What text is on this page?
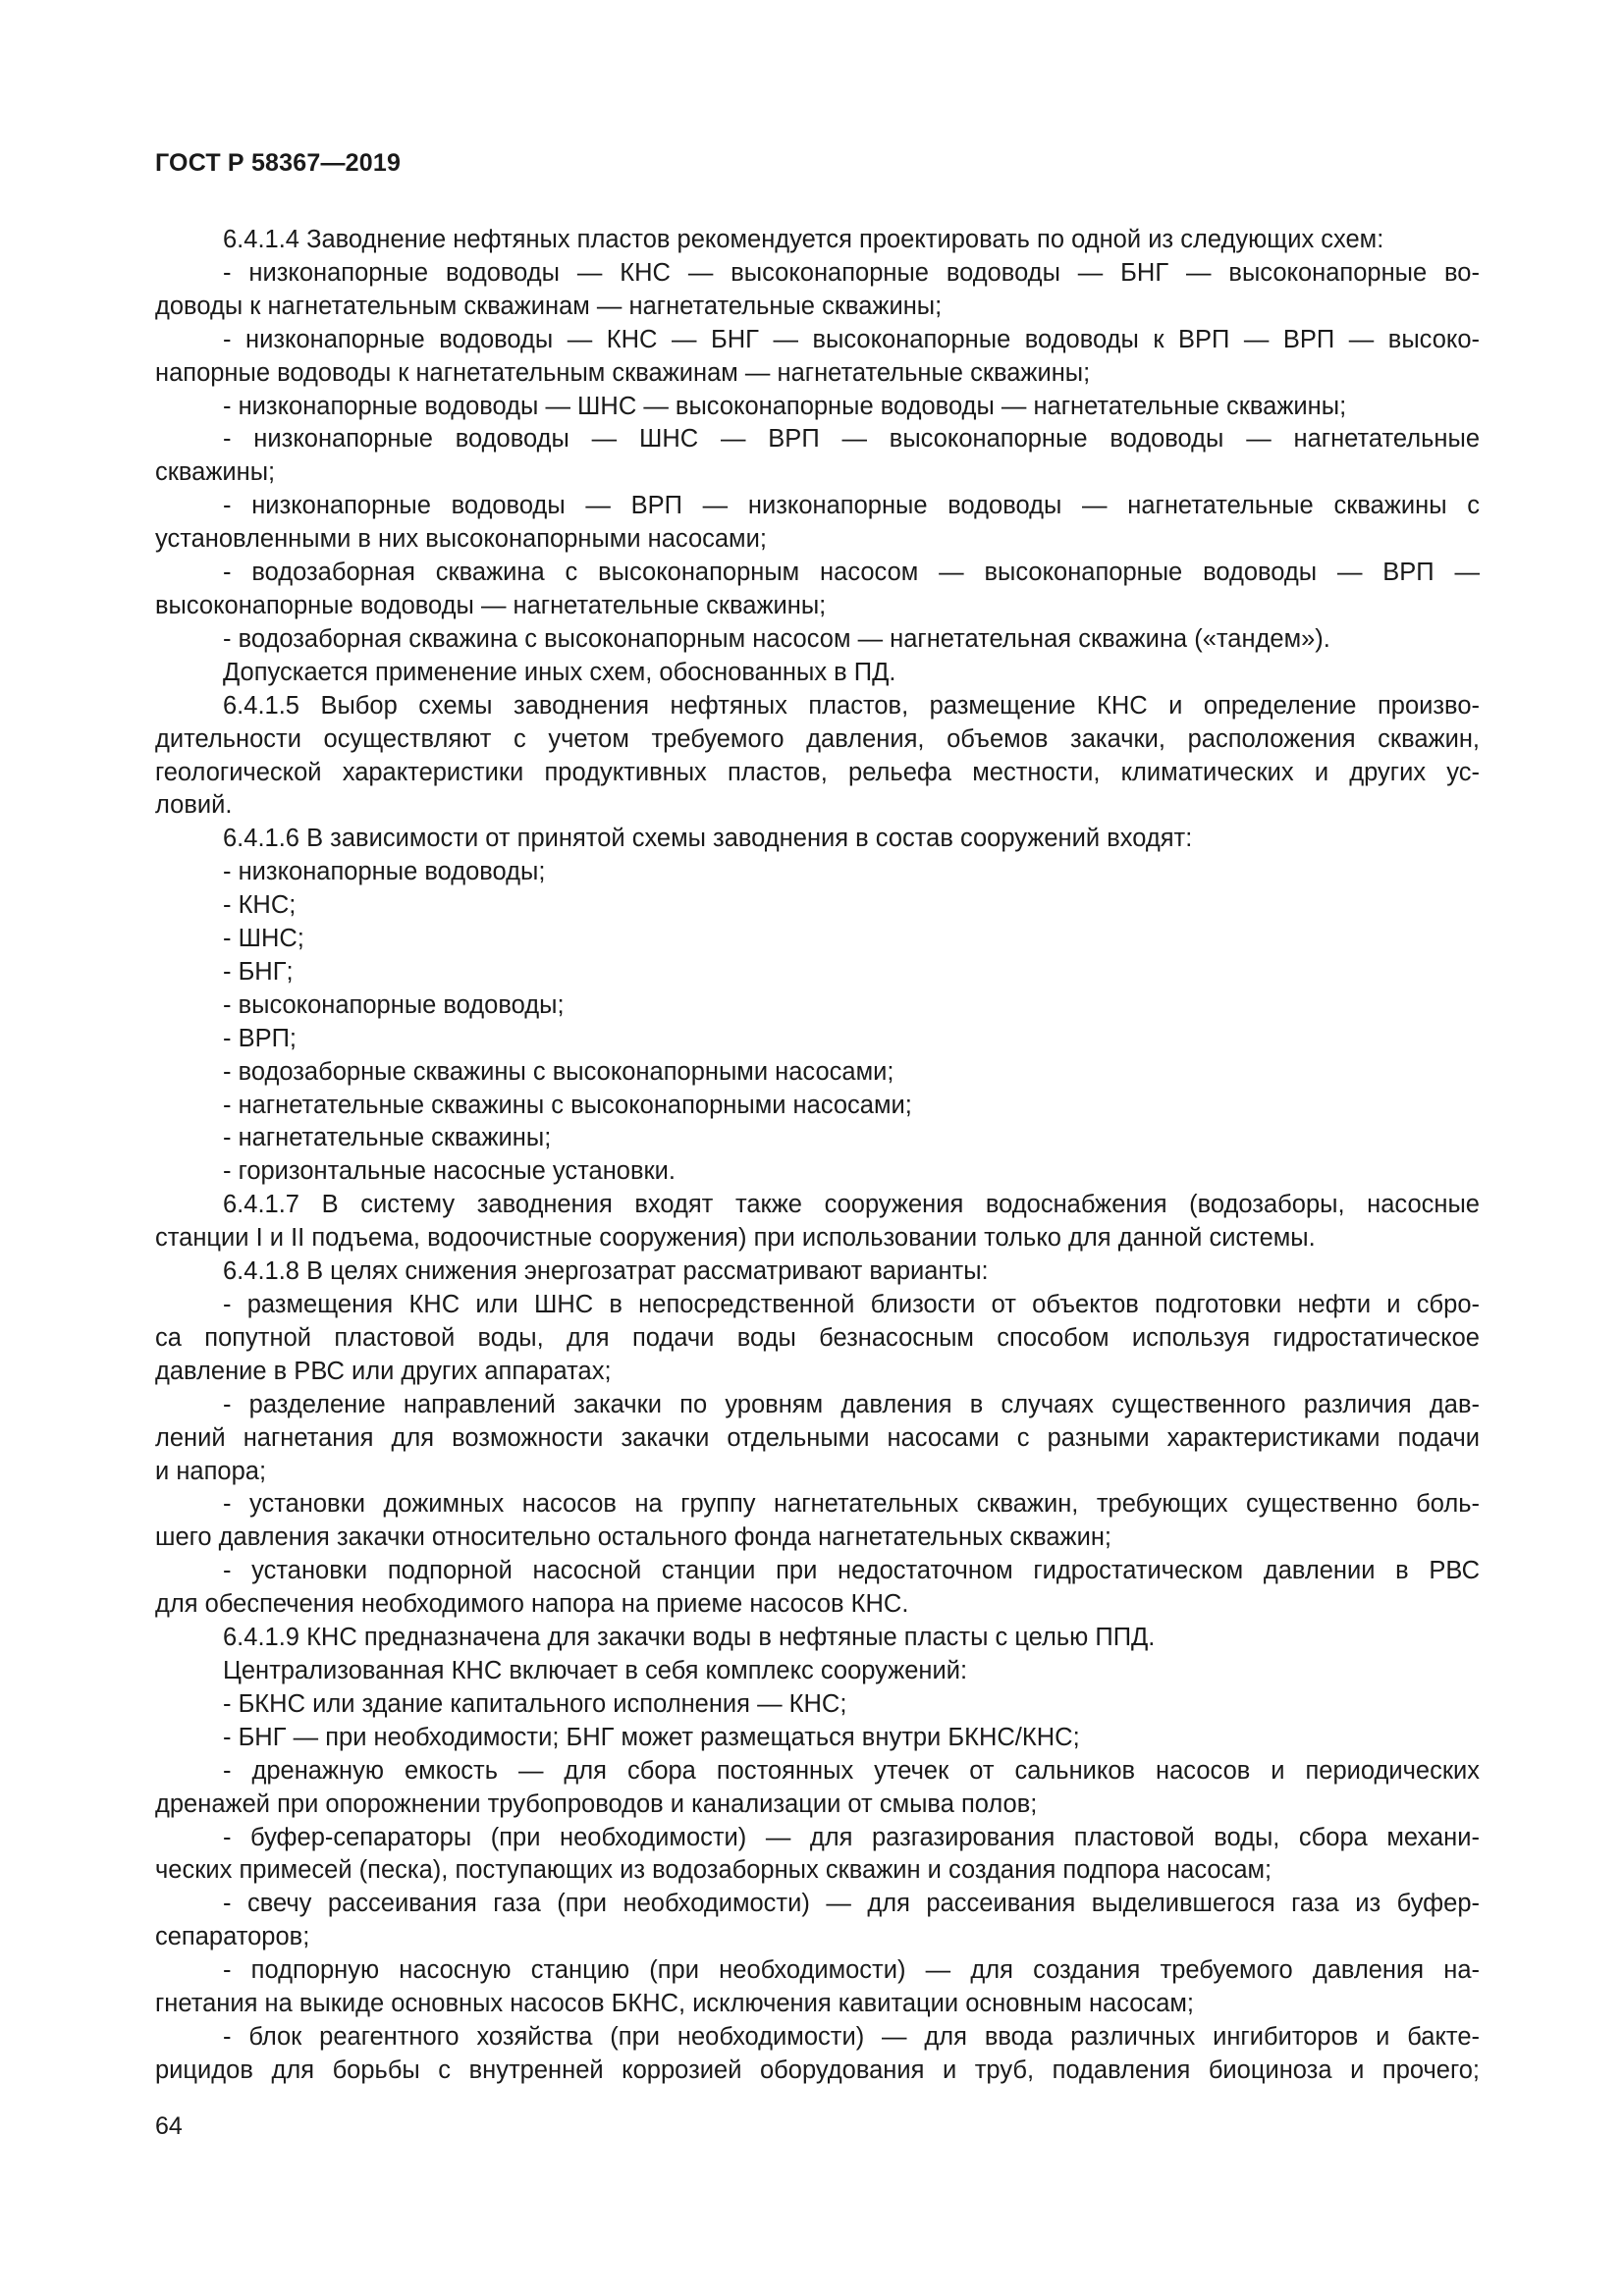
ГОСТ Р 58367—2019
6.4.1.4 Заводнение нефтяных пластов рекомендуется проектировать по одной из следующих схем:
- низконапорные водоводы — КНС — высоконапорные водоводы — БНГ — высоконапорные во-
доводы к нагнетательным скважинам — нагнетательные скважины;
- низконапорные водоводы — КНС — БНГ — высоконапорные водоводы к ВРП — ВРП — высоко-
напорные водоводы к нагнетательным скважинам — нагнетательные скважины;
- низконапорные водоводы — ШНС — высоконапорные водоводы — нагнетательные скважины;
- низконапорные водоводы — ШНС — ВРП — высоконапорные водоводы — нагнетательные
скважины;
- низконапорные водоводы — ВРП — низконапорные водоводы — нагнетательные скважины с
установленными в них высоконапорными насосами;
- водозаборная скважина с высоконапорным насосом — высоконапорные водоводы — ВРП —
высоконапорные водоводы — нагнетательные скважины;
- водозаборная скважина с высоконапорным насосом — нагнетательная скважина («тандем»).
Допускается применение иных схем, обоснованных в ПД.
6.4.1.5 Выбор схемы заводнения нефтяных пластов, размещение КНС и определение произво-
дительности осуществляют с учетом требуемого давления, объемов закачки, расположения скважин,
геологической характеристики продуктивных пластов, рельефа местности, климатических и других ус-
ловий.
6.4.1.6 В зависимости от принятой схемы заводнения в состав сооружений входят:
- низконапорные водоводы;
- КНС;
- ШНС;
- БНГ;
- высоконапорные водоводы;
- ВРП;
- водозаборные скважины с высоконапорными насосами;
- нагнетательные скважины с высоконапорными насосами;
- нагнетательные скважины;
- горизонтальные насосные установки.
6.4.1.7 В систему заводнения входят также сооружения водоснабжения (водозаборы, насосные
станции I и II подъема, водоочистные сооружения) при использовании только для данной системы.
6.4.1.8 В целях снижения энергозатрат рассматривают варианты:
- размещения КНС или ШНС в непосредственной близости от объектов подготовки нефти и сбро-
са попутной пластовой воды, для подачи воды безнасосным способом используя гидростатическое
давление в РВС или других аппаратах;
- разделение направлений закачки по уровням давления в случаях существенного различия дав-
лений нагнетания для возможности закачки отдельными насосами с разными характеристиками подачи
и напора;
- установки дожимных насосов на группу нагнетательных скважин, требующих существенно боль-
шего давления закачки относительно остального фонда нагнетательных скважин;
- установки подпорной насосной станции при недостаточном гидростатическом давлении в РВС
для обеспечения необходимого напора на приеме насосов КНС.
6.4.1.9 КНС предназначена для закачки воды в нефтяные пласты с целью ППД.
Централизованная КНС включает в себя комплекс сооружений:
- БКНС или здание капитального исполнения — КНС;
- БНГ — при необходимости; БНГ может размещаться внутри БКНС/КНС;
- дренажную емкость — для сбора постоянных утечек от сальников насосов и периодических
дренажей при опорожнении трубопроводов и канализации от смыва полов;
- буфер-сепараторы (при необходимости) — для разгазирования пластовой воды, сбора механи-
ческих примесей (песка), поступающих из водозаборных скважин и создания подпора насосам;
- свечу рассеивания газа (при необходимости) — для рассеивания выделившегося газа из буфер-
сепараторов;
- подпорную насосную станцию (при необходимости) — для создания требуемого давления на-
гнетания на выкиде основных насосов БКНС, исключения кавитации основным насосам;
- блок реагентного хозяйства (при необходимости) — для ввода различных ингибиторов и бакте-
рицидов для борьбы с внутренней коррозией оборудования и труб, подавления биоциноза и прочего;
64
